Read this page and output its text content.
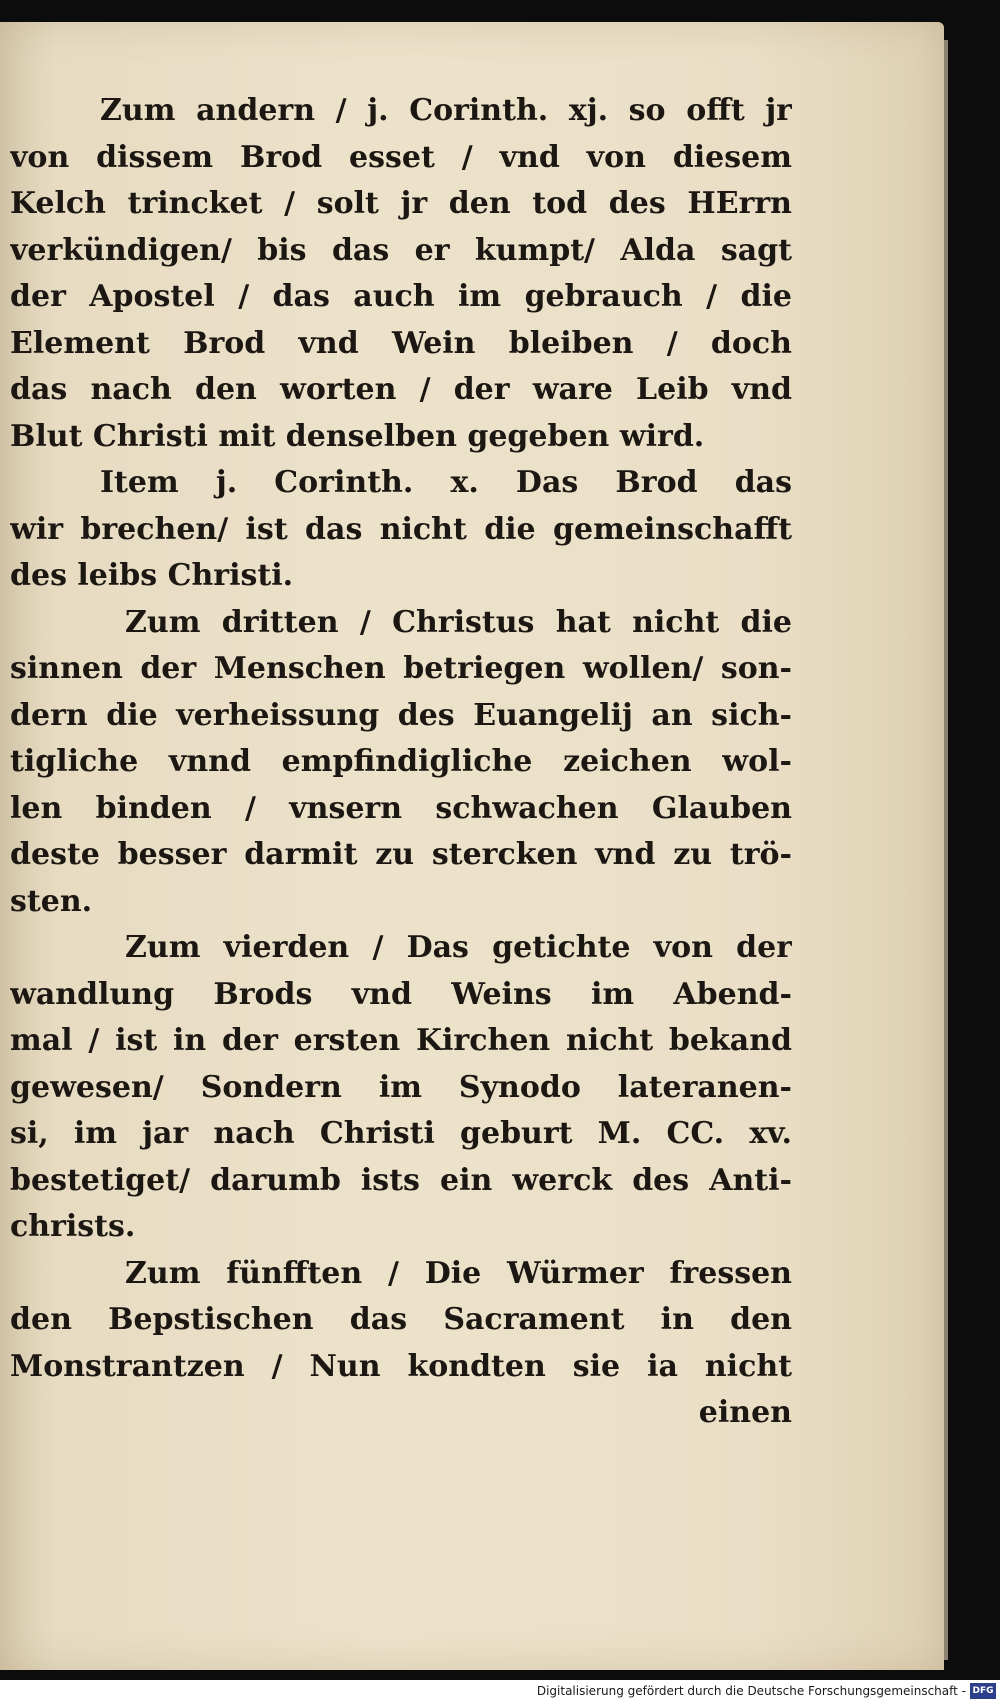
Zum andern / j. Corinth. xj. so offt jr
von dissem Brod esset / vnd von diesem
Kelch trincket / solt jr den tod des HErrn
verkündigen/ bis das er kumpt/ Alda sagt
der Apostel / das auch im gebrauch / die
Element Brod vnd Wein bleiben / doch
das nach den worten / der ware Leib vnd
Blut Christi mit denselben gegeben wird.
Item j. Corinth. x. Das Brod das
wir brechen/ ist das nicht die gemeinschafft
des leibs Christi.
Zum dritten / Christus hat nicht die
sinnen der Menschen betriegen wollen/ son-
dern die verheissung des Euangelij an sich-
tigliche vnnd empfindigliche zeichen wol-
len binden / vnsern schwachen Glauben
deste besser darmit zu stercken vnd zu trö-
sten.
Zum vierden / Das getichte von der
wandlung Brods vnd Weins im Abend-
mal / ist in der ersten Kirchen nicht bekand
gewesen/ Sondern im Synodo lateranen-
si, im jar nach Christi geburt M. CC. xv.
bestetiget/ darumb ists ein werck des Anti-
christs.
Zum fünfften / Die Würmer fressen
den Bepstischen das Sacrament in den
Monstrantzen / Nun kondten sie ia nicht
einen
Digitalisierung gefördert durch die Deutsche Forschungsgemeinschaft - DFG
